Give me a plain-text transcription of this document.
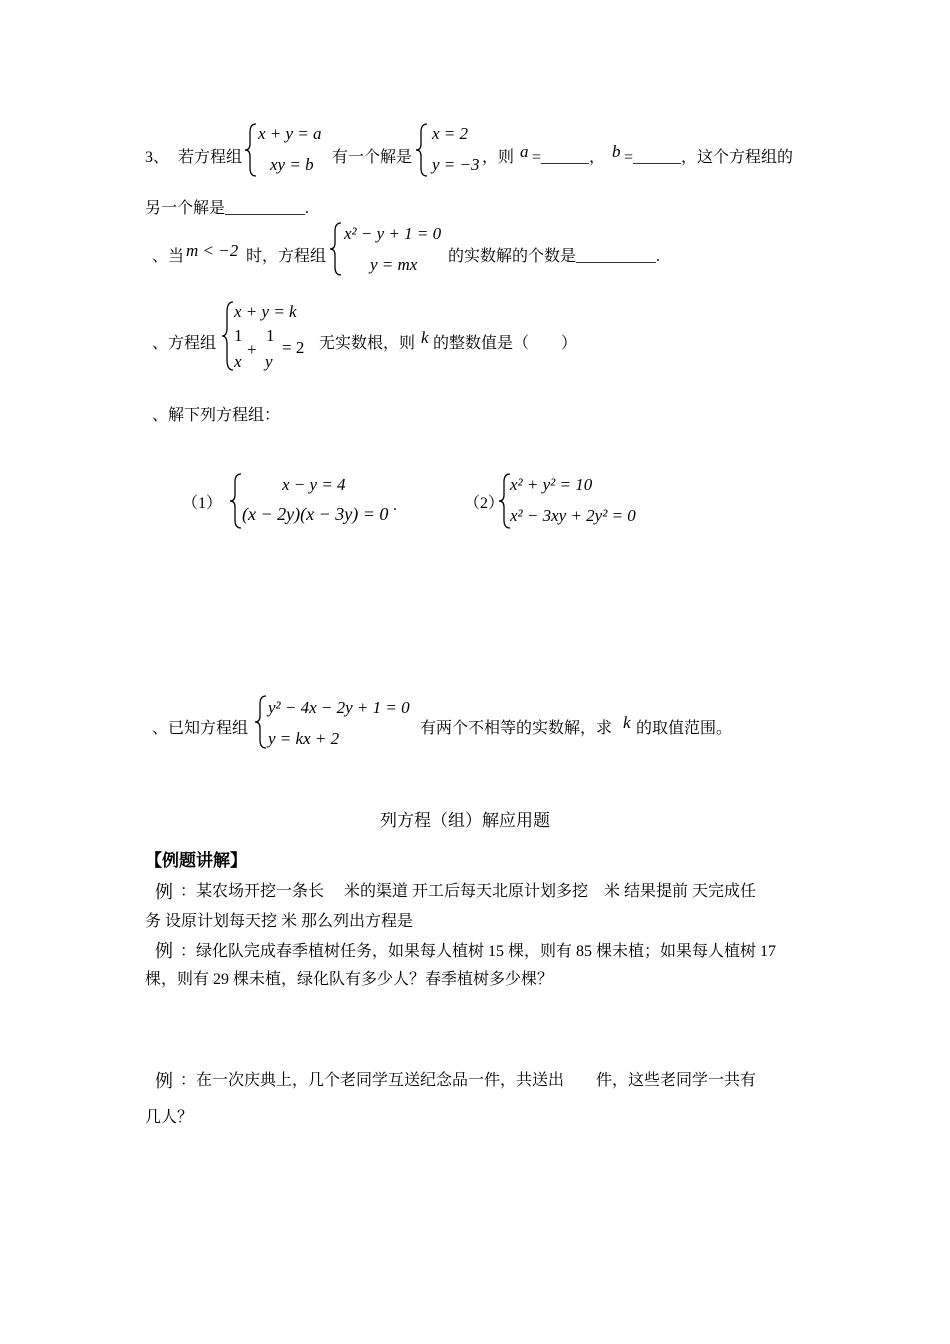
3、 若方程组
x + y = a
xy = b 有一个解是
x = 2
y = −3 ，则 a =______， b =______，这个方程组的
另一个解是__________.
、当 m < −2 时，方程组
x² − y + 1 = 0
y = mx 的实数解的个数是__________.
、方程组
x + y = k
1
x
+
1
y
= 2 无实数根，则 k 的整数值是（　　）
、解下列方程组：
（1）
x − y = 4
(x − 2y)(x − 3y) = 0 .	（2）
x² + y² = 10
x² − 3xy + 2y² = 0
、已知方程组
y² − 4x − 2y + 1 = 0
y = kx + 2
有两个不相等的实数解，求 k 的取值范围。
列方程（组）解应用题
【例题讲解】
例 ：某农场开挖一条长　 米的渠道 开工后每天北原计划多挖　米 结果提前 天完成任
务 设原计划每天挖 米 那么列出方程是
例 ：绿化队完成春季植树任务，如果每人植树 15 棵，则有 85 棵未植；如果每人植树 17
棵，则有 29 棵未植，绿化队有多少人？春季植树多少棵？
例 ：在一次庆典上，几个老同学互送纪念品一件，共送出　　件，这些老同学一共有
几人？
